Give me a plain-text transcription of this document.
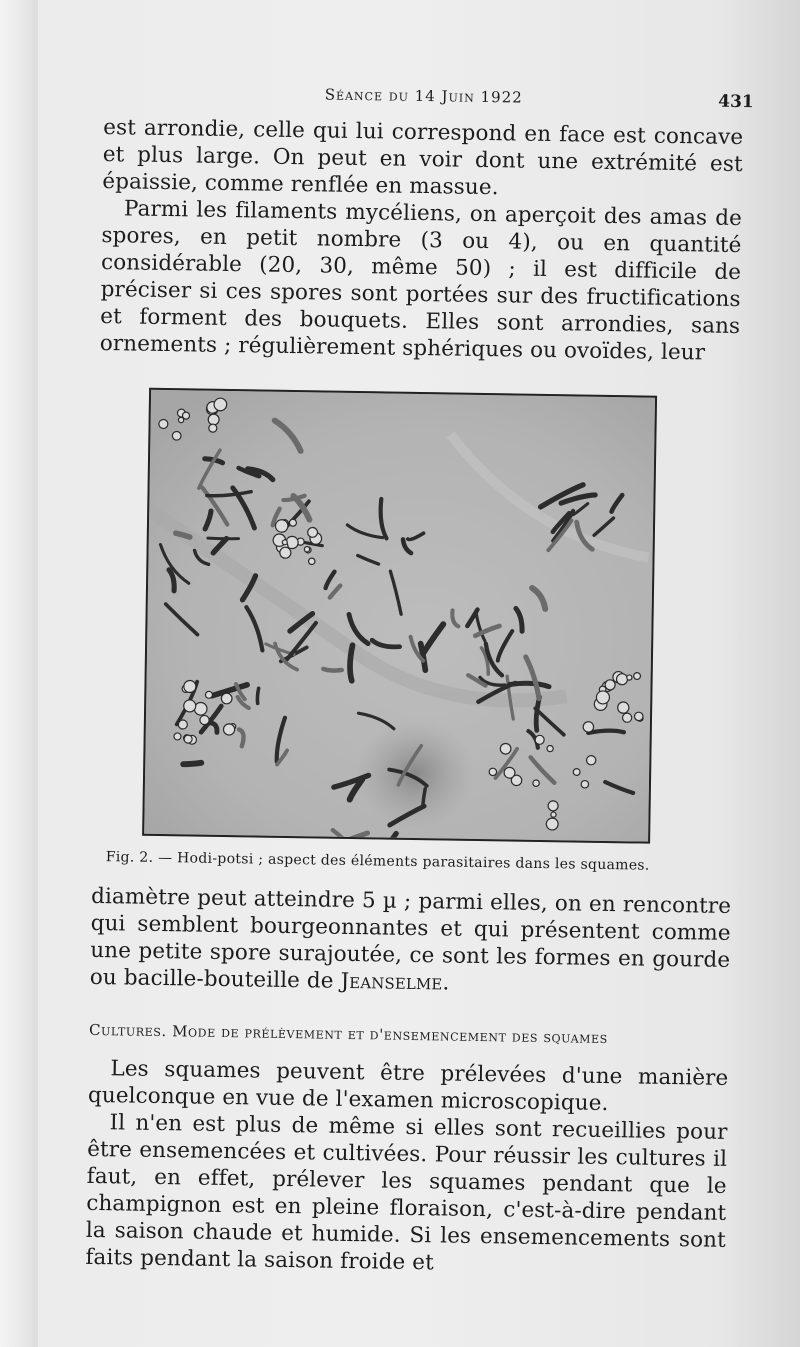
Séance du 14 Juin 1922	431

est arrondie, celle qui lui correspond en face est concave et plus large. On peut en voir dont une extrémité est épaissie, comme renflée en massue.

Parmi les filaments mycéliens, on aperçoit des amas de spores, en petit nombre (3 ou 4), ou en quantité considérable (20, 30, même 50) ; il est difficile de préciser si ces spores sont portées sur des fructifications et forment des bouquets. Elles sont arrondies, sans ornements ; régulièrement sphériques ou ovoïdes, leur

Fig. 2. — Hodi-potsi ; aspect des éléments parasitaires dans les squames.

diamètre peut atteindre 5 µ ; parmi elles, on en rencontre qui semblent bourgeonnantes et qui présentent comme une petite spore surajoutée, ce sont les formes en gourde ou bacille-bouteille de Jeanselme.

Cultures. Mode de prélèvement et d'ensemencement des squames

Les squames peuvent être prélevées d'une manière quelconque en vue de l'examen microscopique.

Il n'en est plus de même si elles sont recueillies pour être ensemencées et cultivées. Pour réussir les cultures il faut, en effet, prélever les squames pendant que le champignon est en pleine floraison, c'est-à-dire pendant la saison chaude et humide. Si les ensemencements sont faits pendant la saison froide et
